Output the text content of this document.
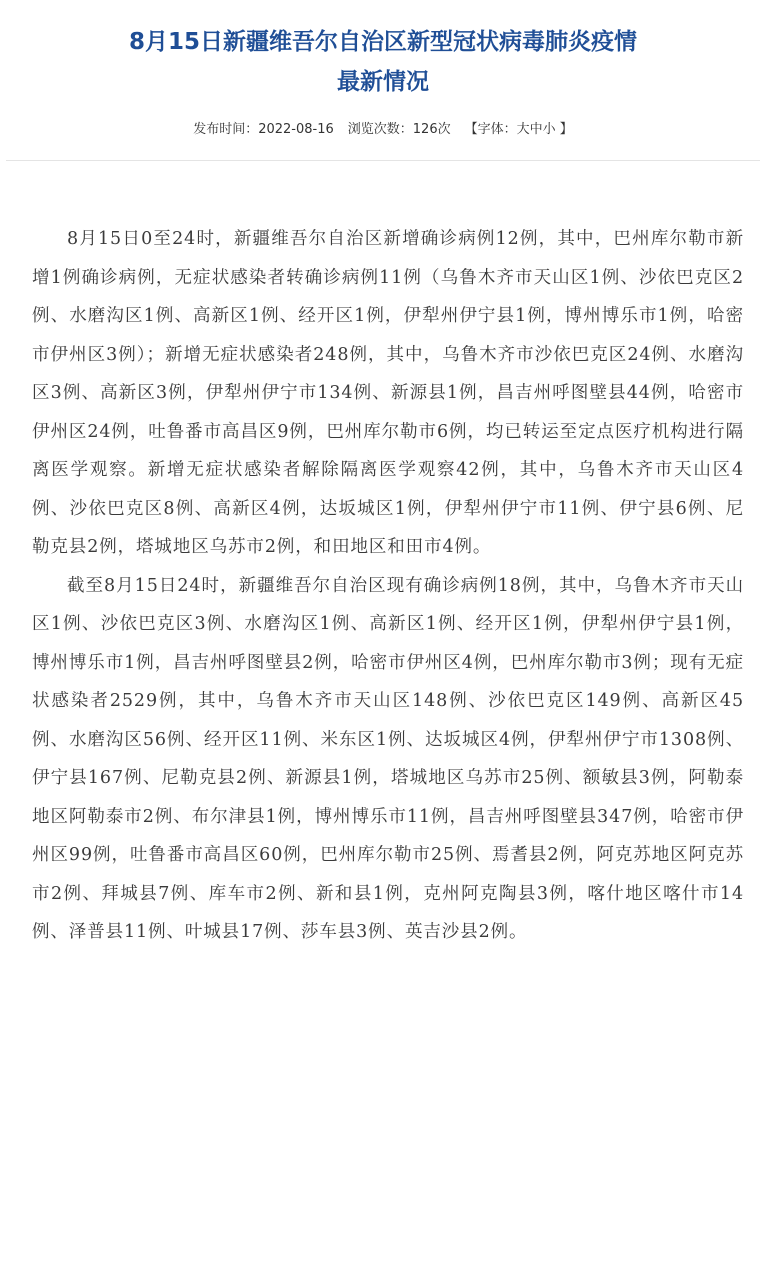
8月15日新疆维吾尔自治区新型冠状病毒肺炎疫情
最新情况
发布时间：2022-08-16 浏览次数：126次 【字体：大中小 】

8月15日0至24时，新疆维吾尔自治区新增确诊病例12例，其中，巴州库尔勒市新增1例确诊病例，无症状感染者转确诊病例11例（乌鲁木齐市天山区1例、沙依巴克区2例、水磨沟区1例、高新区1例、经开区1例，伊犁州伊宁县1例，博州博乐市1例，哈密市伊州区3例）；新增无症状感染者248例，其中，乌鲁木齐市沙依巴克区24例、水磨沟区3例、高新区3例，伊犁州伊宁市134例、新源县1例，昌吉州呼图壁县44例，哈密市伊州区24例，吐鲁番市高昌区9例，巴州库尔勒市6例，均已转运至定点医疗机构进行隔离医学观察。新增无症状感染者解除隔离医学观察42例，其中，乌鲁木齐市天山区4例、沙依巴克区8例、高新区4例，达坂城区1例，伊犁州伊宁市11例、伊宁县6例、尼勒克县2例，塔城地区乌苏市2例，和田地区和田市4例。

截至8月15日24时，新疆维吾尔自治区现有确诊病例18例，其中，乌鲁木齐市天山区1例、沙依巴克区3例、水磨沟区1例、高新区1例、经开区1例，伊犁州伊宁县1例，博州博乐市1例，昌吉州呼图壁县2例，哈密市伊州区4例，巴州库尔勒市3例；现有无症状感染者2529例，其中，乌鲁木齐市天山区148例、沙依巴克区149例、高新区45例、水磨沟区56例、经开区11例、米东区1例、达坂城区4例，伊犁州伊宁市1308例、伊宁县167例、尼勒克县2例、新源县1例，塔城地区乌苏市25例、额敏县3例，阿勒泰地区阿勒泰市2例、布尔津县1例，博州博乐市11例，昌吉州呼图壁县347例，哈密市伊州区99例，吐鲁番市高昌区60例，巴州库尔勒市25例、焉耆县2例，阿克苏地区阿克苏市2例、拜城县7例、库车市2例、新和县1例，克州阿克陶县3例，喀什地区喀什市14例、泽普县11例、叶城县17例、莎车县3例、英吉沙县2例。
